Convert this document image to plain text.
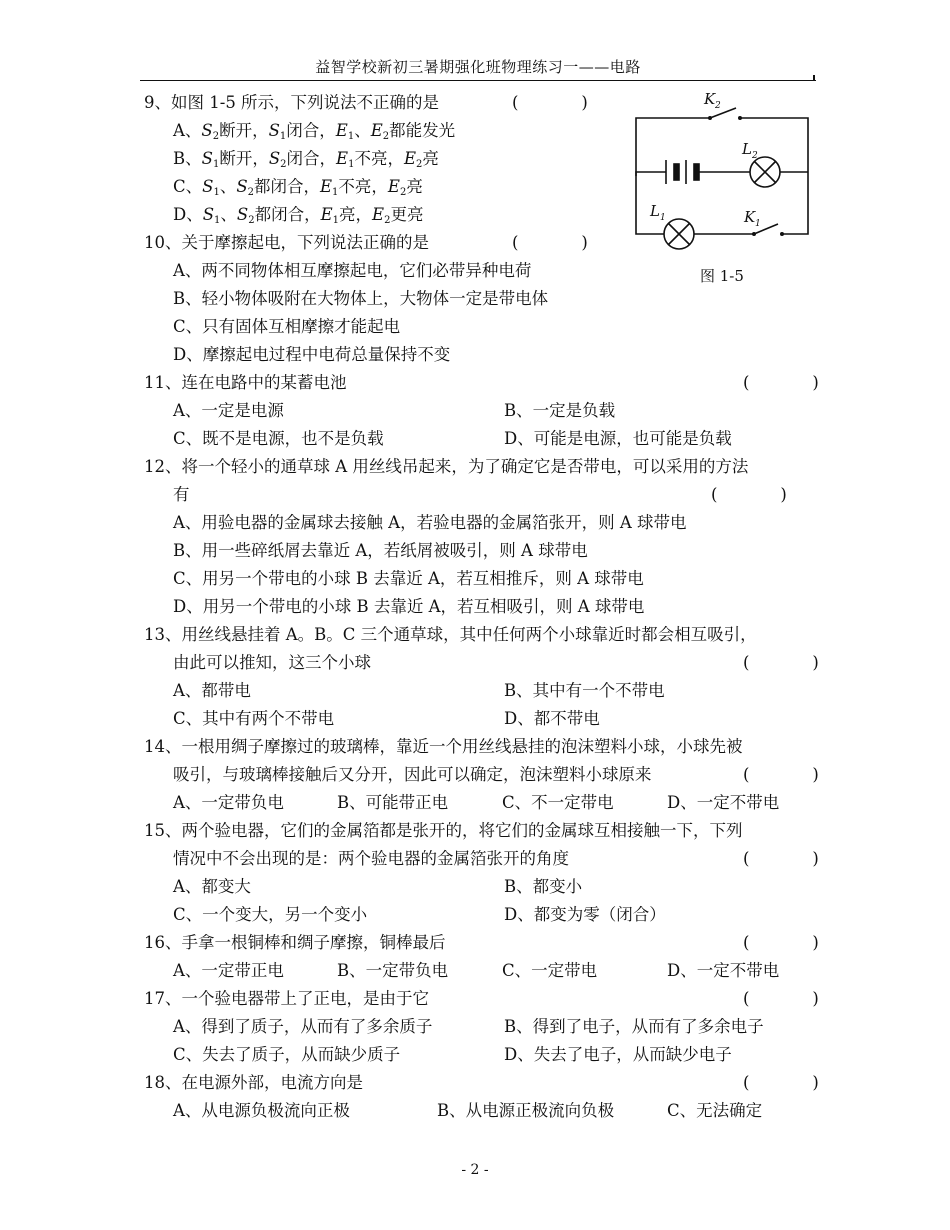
益智学校新初三暑期强化班物理练习一——电路
9、如图 1-5 所示，下列说法不正确的是	(            )
A、$S_2$断开，$S_1$闭合，$E_1$、$E_2$都能发光
B、$S_1$断开，$S_2$闭合，$E_1$不亮，$E_2$亮
C、$S_1$、$S_2$都闭合，$E_1$不亮，$E_2$亮
D、$S_1$、$S_2$都闭合，$E_1$亮，$E_2$更亮
K 2
L 2
L 1	K 1
图 1-5
10、关于摩擦起电，下列说法正确的是	(            )
A、两不同物体相互摩擦起电，它们必带异种电荷
B、轻小物体吸附在大物体上，大物体一定是带电体
C、只有固体互相摩擦才能起电
D、摩擦起电过程中电荷总量保持不变
11、连在电路中的某蓄电池	(            )
A、一定是电源	B、一定是负载
C、既不是电源，也不是负载	D、可能是电源，也可能是负载
12、将一个轻小的通草球 A 用丝线吊起来，为了确定它是否带电，可以采用的方法
有	(            )
A、用验电器的金属球去接触 A，若验电器的金属箔张开，则 A 球带电
B、用一些碎纸屑去靠近 A，若纸屑被吸引，则 A 球带电
C、用另一个带电的小球 B 去靠近 A，若互相推斥，则 A 球带电
D、用另一个带电的小球 B 去靠近 A，若互相吸引，则 A 球带电
13、用丝线悬挂着 A。B。C 三个通草球，其中任何两个小球靠近时都会相互吸引，
由此可以推知，这三个小球	(            )
A、都带电	B、其中有一个不带电
C、其中有两个不带电	D、都不带电
14、一根用绸子摩擦过的玻璃棒，靠近一个用丝线悬挂的泡沫塑料小球，小球先被
吸引，与玻璃棒接触后又分开，因此可以确定，泡沫塑料小球原来	(            )
A、一定带负电	B、可能带正电	C、不一定带电	D、一定不带电
15、两个验电器，它们的金属箔都是张开的，将它们的金属球互相接触一下，下列
情况中不会出现的是：两个验电器的金属箔张开的角度	(            )
A、都变大	B、都变小
C、一个变大，另一个变小	D、都变为零（闭合）
16、手拿一根铜棒和绸子摩擦，铜棒最后	(            )
A、一定带正电	B、一定带负电	C、一定带电	D、一定不带电
17、一个验电器带上了正电，是由于它	(            )
A、得到了质子，从而有了多余质子	B、得到了电子，从而有了多余电子
C、失去了质子，从而缺少质子	D、失去了电子，从而缺少电子
18、在电源外部，电流方向是	(            )
A、从电源负极流向正极	B、从电源正极流向负极	C、无法确定
- 2 -
